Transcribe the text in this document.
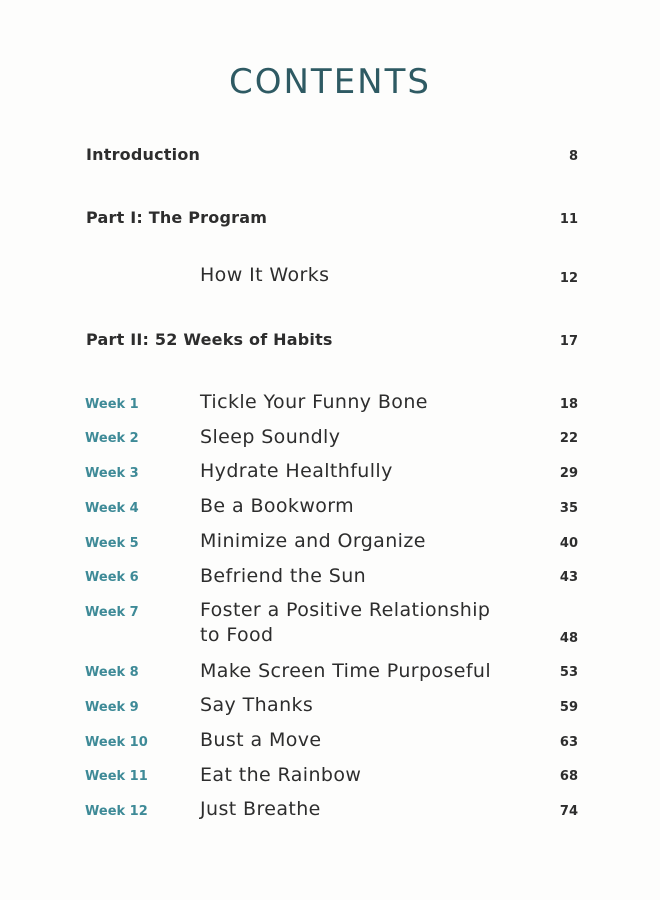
CONTENTS
Introduction	8
Part I: The Program	11
How It Works	12
Part II: 52 Weeks of Habits	17
Week 1	Tickle Your Funny Bone	18
Week 2	Sleep Soundly	22
Week 3	Hydrate Healthfully	29
Week 4	Be a Bookworm	35
Week 5	Minimize and Organize	40
Week 6	Befriend the Sun	43
Week 7	Foster a Positive Relationship
to Food	48
Week 8	Make Screen Time Purposeful	53
Week 9	Say Thanks	59
Week 10	Bust a Move	63
Week 11	Eat the Rainbow	68
Week 12	Just Breathe	74
